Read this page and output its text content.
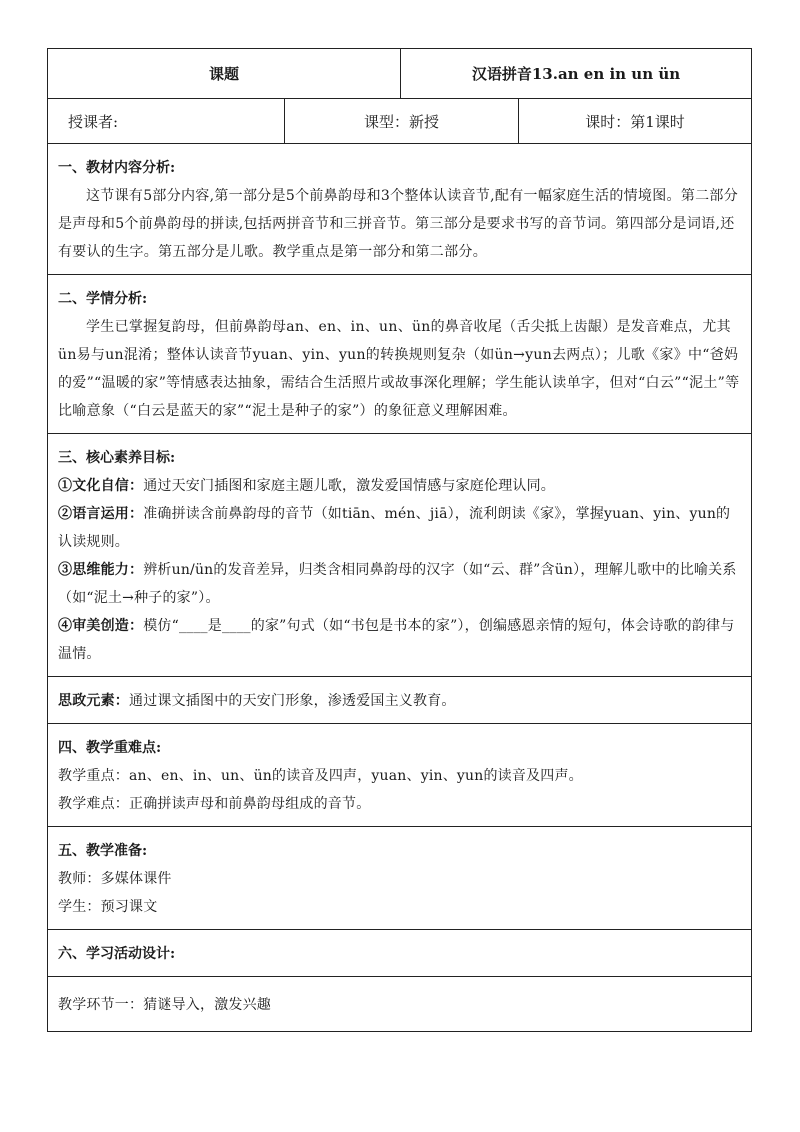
课题	汉语拼音13.an en in un ün
授课者:	课型：新授	课时：第1课时
一、教材内容分析:
这节课有5部分内容,第一部分是5个前鼻韵母和3个整体认读音节,配有一幅家庭生活的情境图。第二部分是声母和5个前鼻韵母的拼读,包括两拼音节和三拼音节。第三部分是要求书写的音节词。第四部分是词语,还有要认的生字。第五部分是儿歌。教学重点是第一部分和第二部分。
二、学情分析:
学生已掌握复韵母，但前鼻韵母an、en、in、un、ün的鼻音收尾（舌尖抵上齿龈）是发音难点，尤其ün易与un混淆；整体认读音节yuan、yin、yun的转换规则复杂（如ün→yun去两点）；儿歌《家》中“爸妈的爱”“温暖的家”等情感表达抽象，需结合生活照片或故事深化理解；学生能认读单字，但对“白云”“泥土”等比喻意象（“白云是蓝天的家”“泥土是种子的家”）的象征意义理解困难。
三、核心素养目标:
①文化自信：通过天安门插图和家庭主题儿歌，激发爱国情感与家庭伦理认同。
②语言运用：准确拼读含前鼻韵母的音节（如tiān、mén、jiā），流利朗读《家》，掌握yuan、yin、yun的认读规则。
③思维能力：辨析un/ün的发音差异，归类含相同鼻韵母的汉字（如“云、群”含ün），理解儿歌中的比喻关系（如“泥土→种子的家”）。
④审美创造：模仿“____是____的家”句式（如“书包是书本的家”），创编感恩亲情的短句，体会诗歌的韵律与温情。
思政元素：通过课文插图中的天安门形象，渗透爱国主义教育。
四、教学重难点:
教学重点：an、en、in、un、ün的读音及四声，yuan、yin、yun的读音及四声。
教学难点：正确拼读声母和前鼻韵母组成的音节。
五、教学准备:
教师：多媒体课件
学生：预习课文
六、学习活动设计:
教学环节一：猜谜导入，激发兴趣
